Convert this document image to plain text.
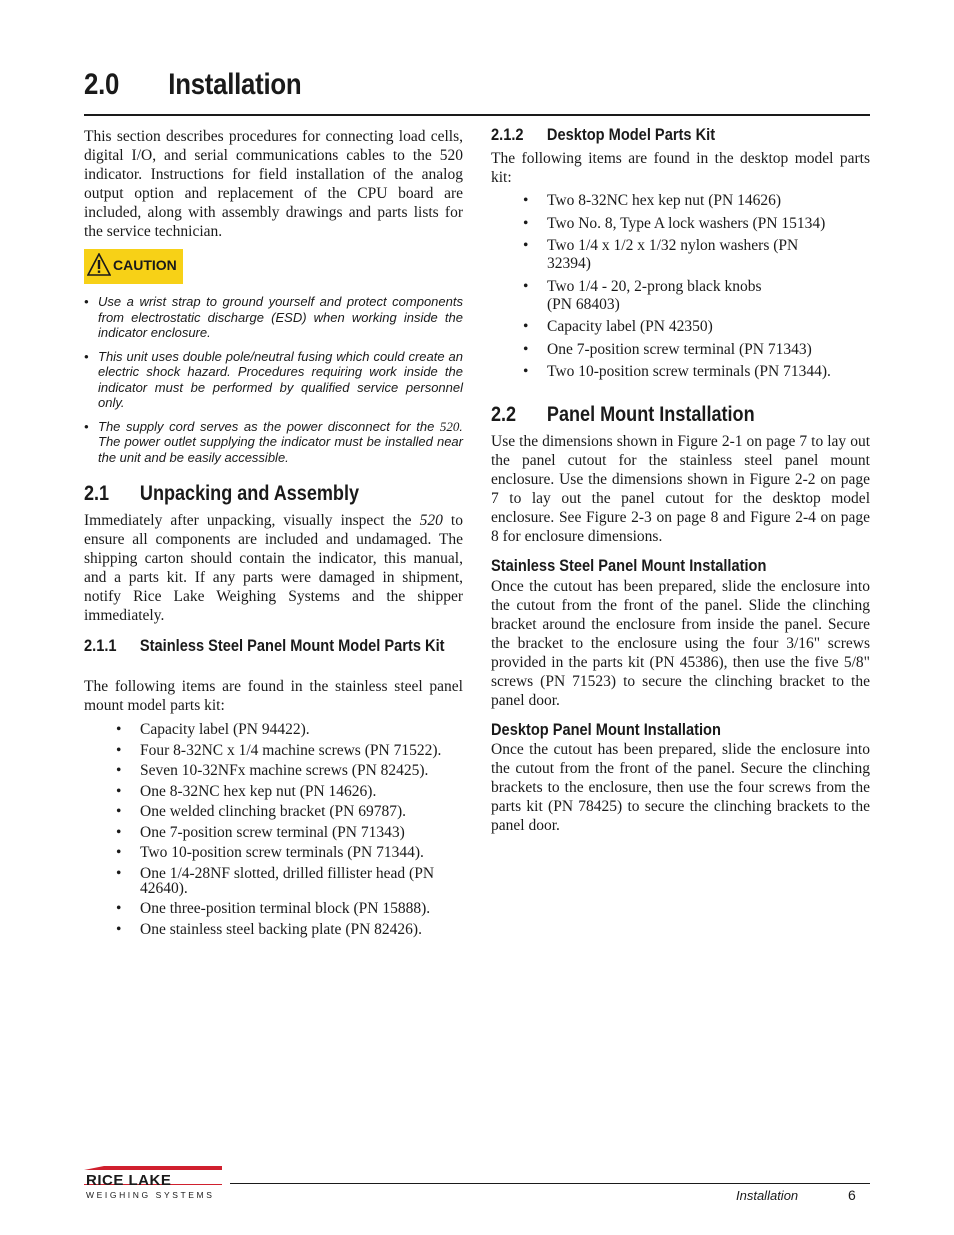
2.0 Installation

This section describes procedures for connecting load cells, digital I/O, and serial communications cables to the 520 indicator. Instructions for field installation of the analog output option and replacement of the CPU board are included, along with assembly drawings and parts lists for the service technician.

CAUTION
• Use a wrist strap to ground yourself and protect components from electrostatic discharge (ESD) when working inside the indicator enclosure.
• This unit uses double pole/neutral fusing which could create an electric shock hazard. Procedures requiring work inside the indicator must be performed by qualified service personnel only.
• The supply cord serves as the power disconnect for the 520. The power outlet supplying the indicator must be installed near the unit and be easily accessible.
2.1 Unpacking and Assembly

Immediately after unpacking, visually inspect the 520 to ensure all components are included and undamaged. The shipping carton should contain the indicator, this manual, and a parts kit. If any parts were damaged in shipment, notify Rice Lake Weighing Systems and the shipper immediately.

2.1.1 Stainless Steel Panel Mount Model Parts Kit

The following items are found in the stainless steel panel mount model parts kit:

• Capacity label (PN 94422).
• Four 8-32NC x 1/4 machine screws (PN 71522).
• Seven 10-32NFx machine screws (PN 82425).
• One 8-32NC hex kep nut (PN 14626).
• One welded clinching bracket (PN 69787).
• One 7-position screw terminal (PN 71343)
• Two 10-position screw terminals (PN 71344).
• One 1/4-28NF slotted, drilled fillister head (PN 42640).
• One three-position terminal block (PN 15888).
• One stainless steel backing plate (PN 82426).
2.1.2 Desktop Model Parts Kit

The following items are found in the desktop model parts kit:

• Two 8-32NC hex kep nut (PN 14626)
• Two No. 8, Type A lock washers (PN 15134)
• Two 1/4 x 1/2 x 1/32 nylon washers (PN 32394)
• Two 1/4 - 20, 2-prong black knobs (PN 68403)
• Capacity label (PN 42350)
• One 7-position screw terminal (PN 71343)
• Two 10-position screw terminals (PN 71344).
2.2 Panel Mount Installation

Use the dimensions shown in Figure 2-1 on page 7 to lay out the panel cutout for the stainless steel panel mount enclosure. Use the dimensions shown in Figure 2-2 on page 7 to lay out the panel cutout for the desktop model enclosure. See Figure 2-3 on page 8 and Figure 2-4 on page 8 for enclosure dimensions.

Stainless Steel Panel Mount Installation

Once the cutout has been prepared, slide the enclosure into the cutout from the front of the panel. Slide the clinching bracket around the enclosure from inside the panel. Secure the bracket to the enclosure using the four 3/16" screws provided in the parts kit (PN 45386), then use the five 5/8" screws (PN 71523) to secure the clinching bracket to the panel door.

Desktop Panel Mount Installation

Once the cutout has been prepared, slide the enclosure into the cutout from the front of the panel. Secure the clinching brackets to the enclosure, then use the four screws from the parts kit (PN 78425) to secure the clinching brackets to the panel door.

RICE LAKE
WEIGHING SYSTEMS	Installation	6
